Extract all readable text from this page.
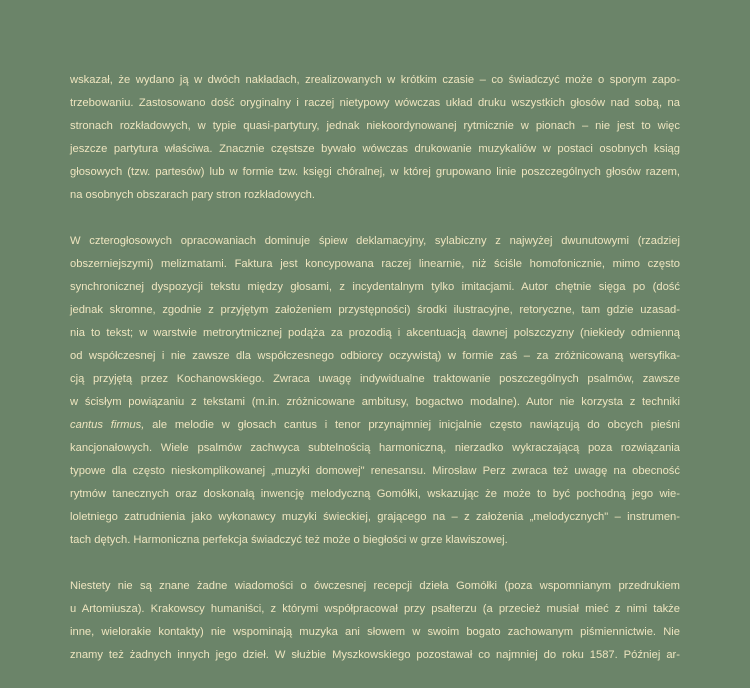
wskazał, że wydano ją w dwóch nakładach, zrealizowanych w krótkim czasie – co świadczyć może o sporym zapo-
trzebowaniu. Zastosowano dość oryginalny i raczej nietypowy wówczas układ druku wszystkich głosów nad sobą, na
stronach rozkładowych, w typie quasi-partytury, jednak niekoordynowanej rytmicznie w pionach – nie jest to więc
jeszcze partytura właściwa. Znacznie częstsze bywało wówczas drukowanie muzykaliów w postaci osobnych ksiąg
głosowych (tzw. partesów) lub w formie tzw. księgi chóralnej, w której grupowano linie poszczególnych głosów razem,
na osobnych obszarach pary stron rozkładowych.

W czterogłosowych opracowaniach dominuje śpiew deklamacyjny, sylabiczny z najwyżej dwunutowymi (rzadziej
obszerniejszymi) melizmatami. Faktura jest koncypowana raczej linearnie, niż ściśle homofonicznie, mimo często
synchronicznej dyspozycji tekstu między głosami, z incydentalnym tylko imitacjami. Autor chętnie sięga po (dość
jednak skromne, zgodnie z przyjętym założeniem przystępności) środki ilustracyjne, retoryczne, tam gdzie uzasad-
nia to tekst; w warstwie metrorytmicznej podąża za prozodią i akcentuacją dawnej polszczyzny (niekiedy odmienną
od współczesnej i nie zawsze dla współczesnego odbiorcy oczywistą) w formie zaś – za zróżnicowaną wersyfika-
cją przyjętą przez Kochanowskiego. Zwraca uwagę indywidualne traktowanie poszczególnych psalmów, zawsze
w ścisłym powiązaniu z tekstami (m.in. zróżnicowane ambitusy, bogactwo modalne). Autor nie korzysta z techniki
cantus firmus, ale melodie w głosach cantus i tenor przynajmniej inicjalnie często nawiązują do obcych pieśni
kancjonałowych. Wiele psalmów zachwyca subtelnością harmoniczną, nierzadko wykraczającą poza rozwiązania
typowe dla często nieskomplikowanej „muzyki domowej" renesansu. Mirosław Perz zwraca też uwagę na obecność
rytmów tanecznych oraz doskonałą inwencję melodyczną Gomółki, wskazując że może to być pochodną jego wie-
loletniego zatrudnienia jako wykonawcy muzyki świeckiej, grającego na – z założenia „melodycznych" – instrumen-
tach dętych. Harmoniczna perfekcja świadczyć też może o biegłości w grze klawiszowej.

Niestety nie są znane żadne wiadomości o ówczesnej recepcji dzieła Gomółki (poza wspomnianym przedrukiem
u Artomiusza). Krakowscy humaniści, z którymi współpracował przy psałterzu (a przecież musiał mieć z nimi także
inne, wielorakie kontakty) nie wspominają muzyka ani słowem w swoim bogato zachowanym piśmiennictwie. Nie
znamy też żadnych innych jego dzieł. W służbie Myszkowskiego pozostawał co najmniej do roku 1587. Później ar-
